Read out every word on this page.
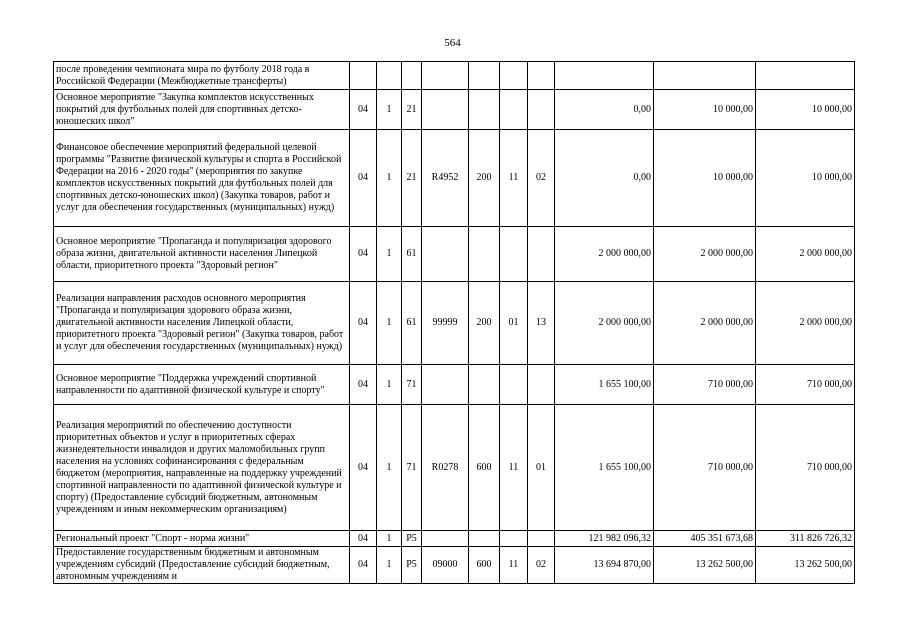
564
после проведения чемпионата мира по футболу 2018 года в Российской Федерации (Межбюджетные трансферты)										
Основное мероприятие "Закупка комплектов искусственных покрытий для футбольных полей для спортивных детско-юношеских школ"	04	1	21					0,00	10 000,00	10 000,00
Финансовое обеспечение мероприятий федеральной целевой программы "Развитие физической культуры и спорта в Российской Федерации на 2016 - 2020 годы" (мероприятия по закупке комплектов искусственных покрытий для футбольных полей для спортивных детско-юношеских школ) (Закупка товаров, работ и услуг для обеспечения государственных (муниципальных) нужд)	04	1	21	R4952	200	11	02	0,00	10 000,00	10 000,00
Основное мероприятие "Пропаганда и популяризация здорового образа жизни, двигательной активности населения Липецкой области, приоритетного проекта "Здоровый регион"	04	1	61					2 000 000,00	2 000 000,00	2 000 000,00
Реализация направления расходов основного мероприятия "Пропаганда и популяризация здорового образа жизни, двигательной активности населения Липецкой области, приоритетного проекта "Здоровый регион" (Закупка товаров, работ и услуг для обеспечения государственных (муниципальных) нужд)	04	1	61	99999	200	01	13	2 000 000,00	2 000 000,00	2 000 000,00
Основное мероприятие "Поддержка учреждений спортивной направленности по адаптивной физической культуре и спорту"	04	1	71					1 655 100,00	710 000,00	710 000,00
Реализация мероприятий по обеспечению доступности приоритетных объектов и услуг в приоритетных сферах жизнедеятельности инвалидов и других маломобильных групп населения на условиях софинансирования с федеральным бюджетом (мероприятия, направленные на поддержку учреждений спортивной направленности по адаптивной физической культуре и спорту) (Предоставление субсидий бюджетным, автономным учреждениям и иным некоммерческим организациям)	04	1	71	R0278	600	11	01	1 655 100,00	710 000,00	710 000,00
Региональный проект "Спорт - норма жизни"	04	1	P5					121 982 096,32	405 351 673,68	311 826 726,32
Предоставление государственным бюджетным и автономным учреждениям субсидий (Предоставление субсидий бюджетным, автономным учреждениям и	04	1	P5	09000	600	11	02	13 694 870,00	13 262 500,00	13 262 500,00
